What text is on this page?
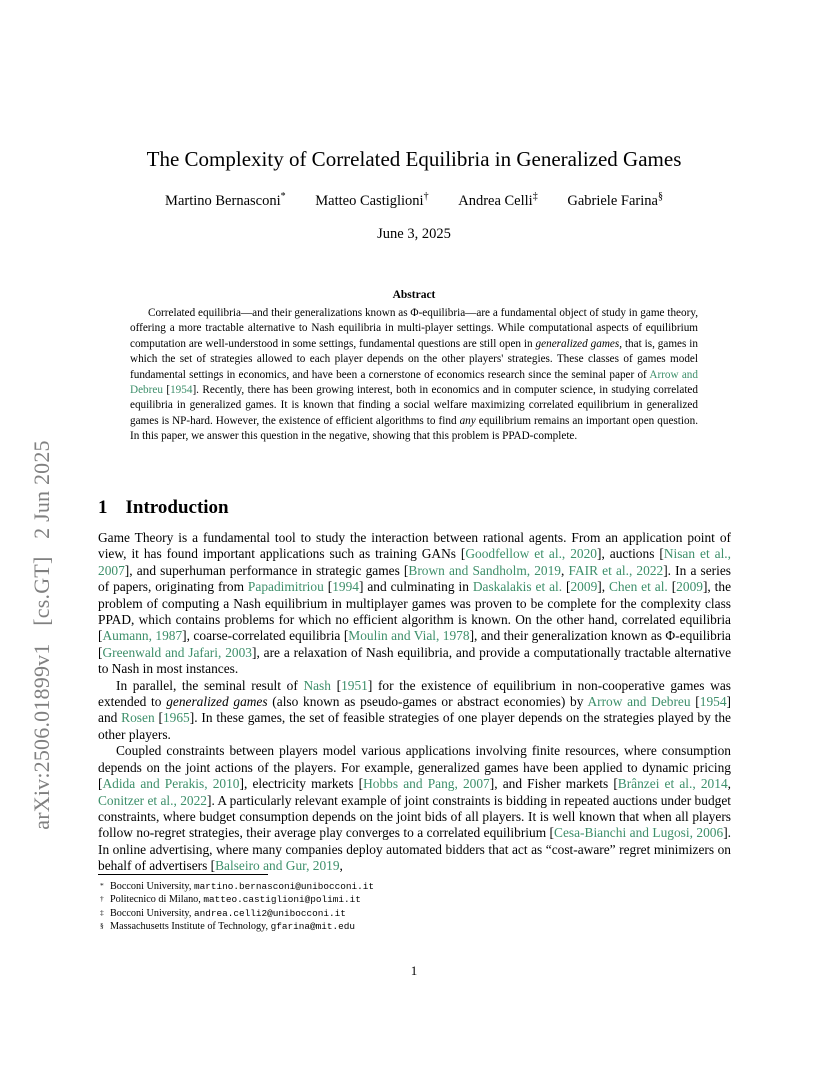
arXiv:2506.01899v1 [cs.GT] 2 Jun 2025
The Complexity of Correlated Equilibria in Generalized Games
Martino Bernasconi* Matteo Castiglioni† Andrea Celli‡ Gabriele Farina§
June 3, 2025
Abstract
Correlated equilibria—and their generalizations known as Φ-equilibria—are a fundamental object of study in game theory, offering a more tractable alternative to Nash equilibria in multi-player settings. While computational aspects of equilibrium computation are well-understood in some settings, fundamental questions are still open in generalized games, that is, games in which the set of strategies allowed to each player depends on the other players' strategies. These classes of games model fundamental settings in economics, and have been a cornerstone of economics research since the seminal paper of Arrow and Debreu [1954]. Recently, there has been growing interest, both in economics and in computer science, in studying correlated equilibria in generalized games. It is known that finding a social welfare maximizing correlated equilibrium in generalized games is NP-hard. However, the existence of efficient algorithms to find any equilibrium remains an important open question. In this paper, we answer this question in the negative, showing that this problem is PPAD-complete.
1 Introduction

Game Theory is a fundamental tool to study the interaction between rational agents. From an application point of view, it has found important applications such as training GANs [Goodfellow et al., 2020], auctions [Nisan et al., 2007], and superhuman performance in strategic games [Brown and Sandholm, 2019, FAIR et al., 2022]. In a series of papers, originating from Papadimitriou [1994] and culminating in Daskalakis et al. [2009], Chen et al. [2009], the problem of computing a Nash equilibrium in multiplayer games was proven to be complete for the complexity class PPAD, which contains problems for which no efficient algorithm is known. On the other hand, correlated equilibria [Aumann, 1987], coarse-correlated equilibria [Moulin and Vial, 1978], and their generalization known as Φ-equilibria [Greenwald and Jafari, 2003], are a relaxation of Nash equilibria, and provide a computationally tractable alternative to Nash in most instances.

In parallel, the seminal result of Nash [1951] for the existence of equilibrium in non-cooperative games was extended to generalized games (also known as pseudo-games or abstract economies) by Arrow and Debreu [1954] and Rosen [1965]. In these games, the set of feasible strategies of one player depends on the strategies played by the other players.

Coupled constraints between players model various applications involving finite resources, where consumption depends on the joint actions of the players. For example, generalized games have been applied to dynamic pricing [Adida and Perakis, 2010], electricity markets [Hobbs and Pang, 2007], and Fisher markets [Brânzei et al., 2014, Conitzer et al., 2022]. A particularly relevant example of joint constraints is bidding in repeated auctions under budget constraints, where budget consumption depends on the joint bids of all players. It is well known that when all players follow no-regret strategies, their average play converges to a correlated equilibrium [Cesa-Bianchi and Lugosi, 2006]. In online advertising, where many companies deploy automated bidders that act as “cost-aware” regret minimizers on behalf of advertisers [Balseiro and Gur, 2019,

* Bocconi University, martino.bernasconi@unibocconi.it
† Politecnico di Milano, matteo.castiglioni@polimi.it
‡ Bocconi University, andrea.celli2@unibocconi.it
§ Massachusetts Institute of Technology, gfarina@mit.edu
1
